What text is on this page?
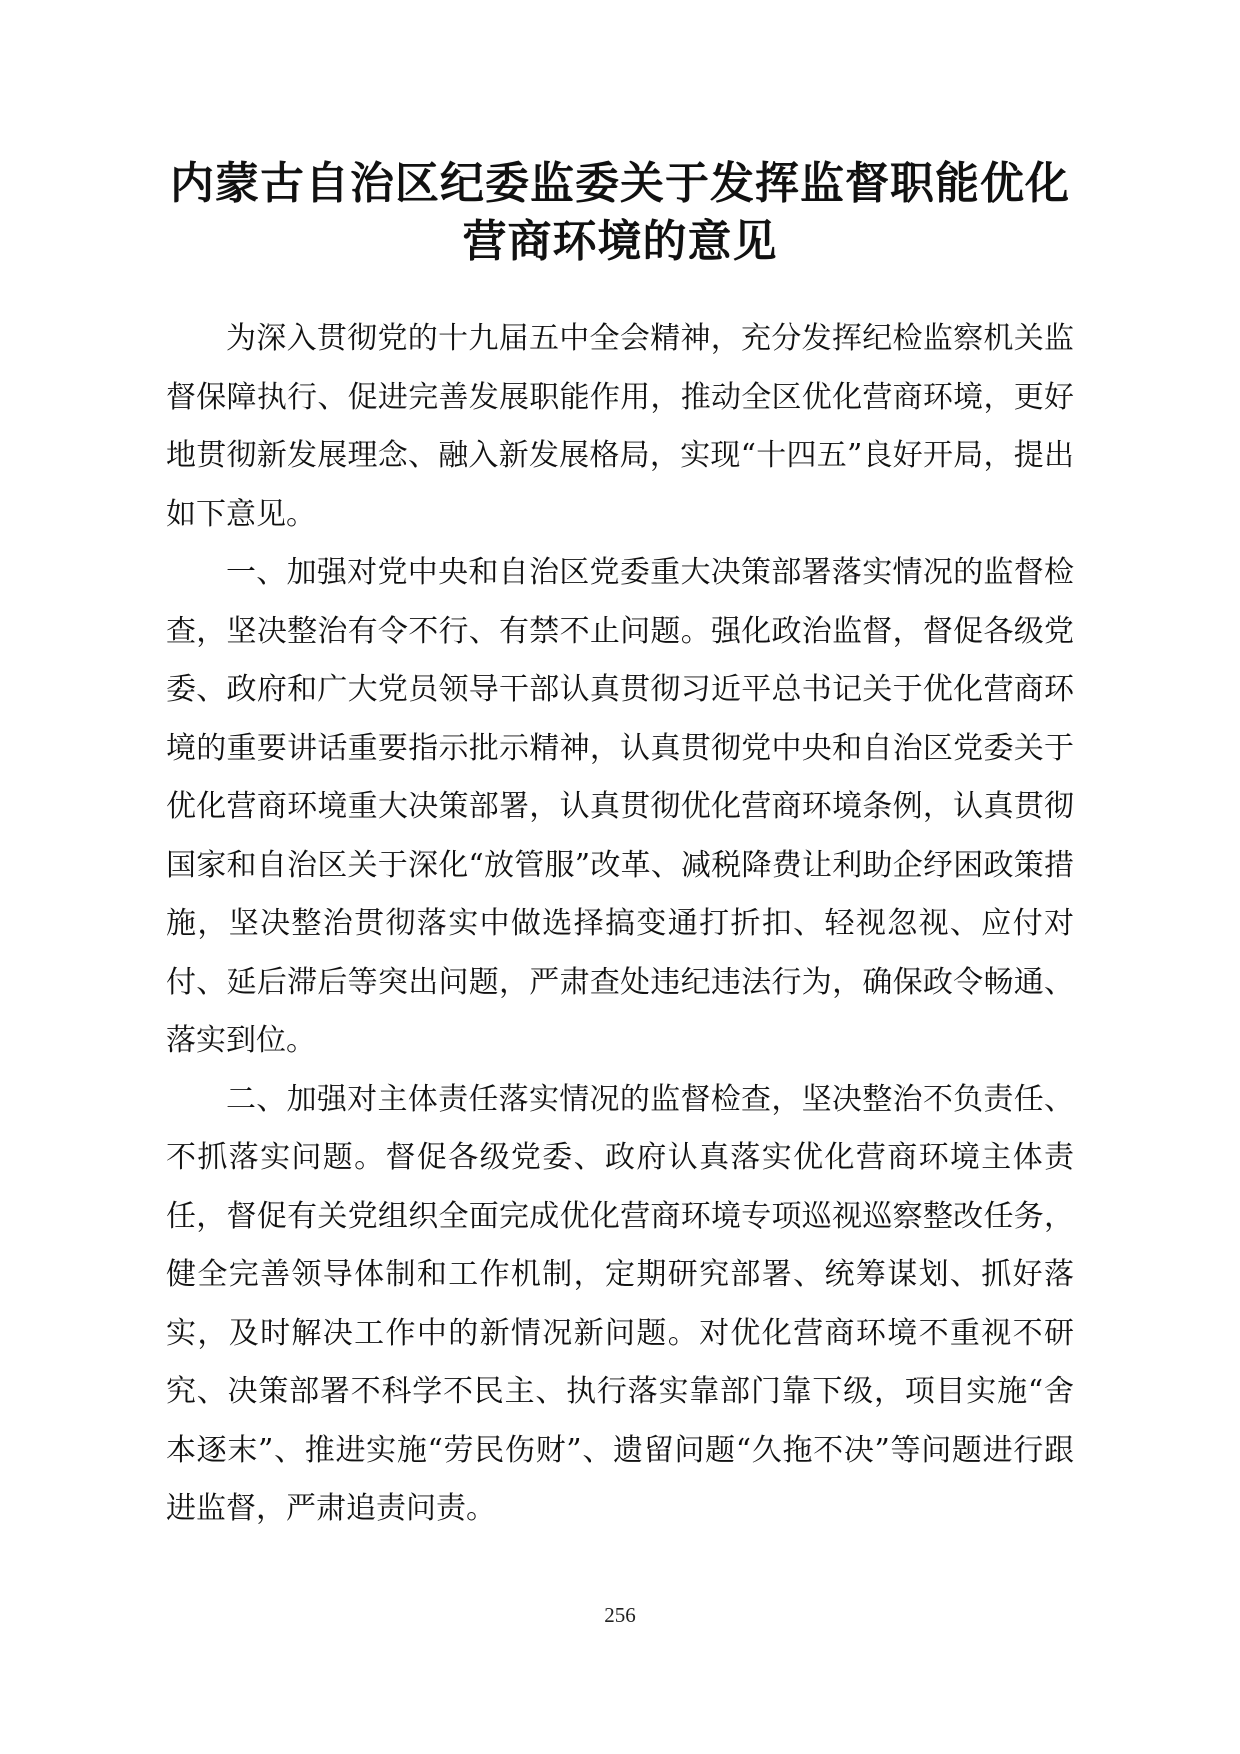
内蒙古自治区纪委监委关于发挥监督职能优化营商环境的意见

为深入贯彻党的十九届五中全会精神，充分发挥纪检监察机关监督保障执行、促进完善发展职能作用，推动全区优化营商环境，更好地贯彻新发展理念、融入新发展格局，实现“十四五”良好开局，提出如下意见。

一、加强对党中央和自治区党委重大决策部署落实情况的监督检查，坚决整治有令不行、有禁不止问题。强化政治监督，督促各级党委、政府和广大党员领导干部认真贯彻习近平总书记关于优化营商环境的重要讲话重要指示批示精神，认真贯彻党中央和自治区党委关于优化营商环境重大决策部署，认真贯彻优化营商环境条例，认真贯彻国家和自治区关于深化“放管服”改革、减税降费让利助企纾困政策措施，坚决整治贯彻落实中做选择搞变通打折扣、轻视忽视、应付对付、延后滞后等突出问题，严肃查处违纪违法行为，确保政令畅通、落实到位。

二、加强对主体责任落实情况的监督检查，坚决整治不负责任、不抓落实问题。督促各级党委、政府认真落实优化营商环境主体责任，督促有关党组织全面完成优化营商环境专项巡视巡察整改任务，健全完善领导体制和工作机制，定期研究部署、统筹谋划、抓好落实，及时解决工作中的新情况新问题。对优化营商环境不重视不研究、决策部署不科学不民主、执行落实靠部门靠下级，项目实施“舍本逐末”、推进实施“劳民伤财”、遗留问题“久拖不决”等问题进行跟进监督，严肃追责问责。

256
